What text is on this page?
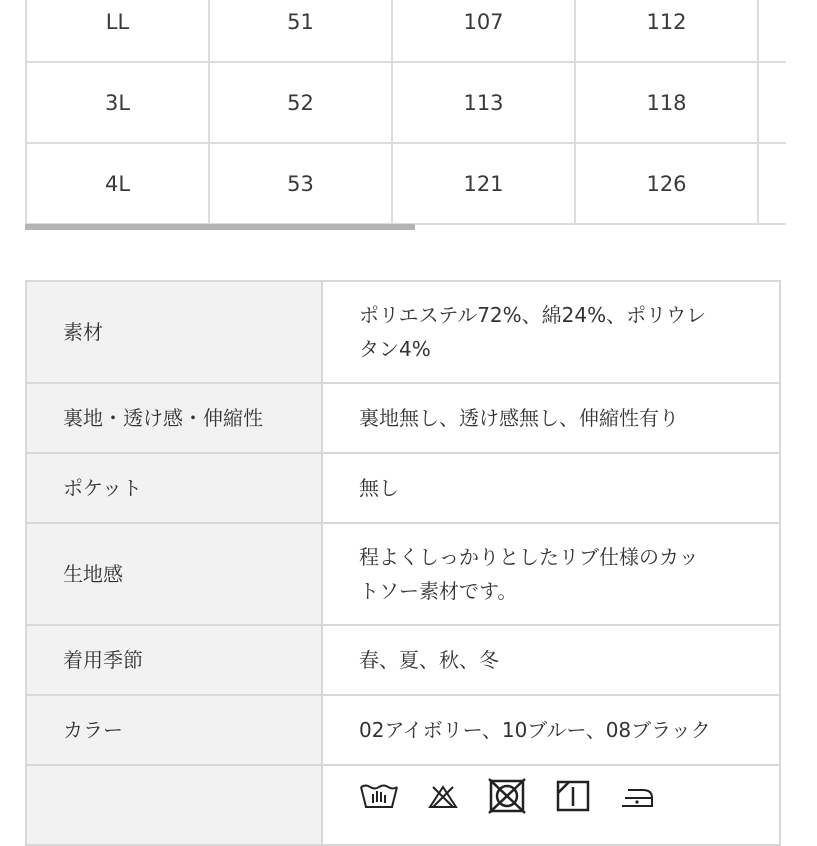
LL	51	107	112	
3L	52	113	118	
4L	53	121	126	
素材	ポリエステル72%、綿24%、ポリウレ
タン4%
裏地・透け感・伸縮性	裏地無し、透け感無し、伸縮性有り
ポケット	無し
生地感	程よくしっかりとしたリブ仕様のカッ
トソー素材です。
着用季節	春、夏、秋、冬
カラー	02アイボリー、10ブルー、08ブラック
